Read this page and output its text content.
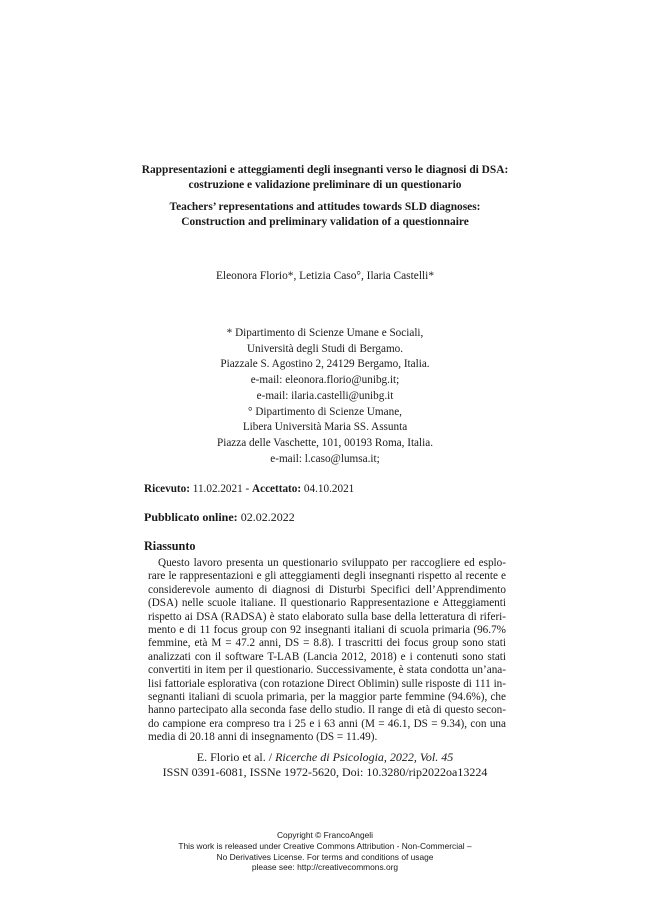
Rappresentazioni e atteggiamenti degli insegnanti verso le diagnosi di DSA:
costruzione e validazione preliminare di un questionario
Teachers’ representations and attitudes towards SLD diagnoses:
Construction and preliminary validation of a questionnaire
Eleonora Florio*, Letizia Caso°, Ilaria Castelli*
* Dipartimento di Scienze Umane e Sociali,
Università degli Studi di Bergamo.
Piazzale S. Agostino 2, 24129 Bergamo, Italia.
e-mail: eleonora.florio@unibg.it;
e-mail: ilaria.castelli@unibg.it
° Dipartimento di Scienze Umane,
Libera Università Maria SS. Assunta
Piazza delle Vaschette, 101, 00193 Roma, Italia.
e-mail: l.caso@lumsa.it;
Ricevuto: 11.02.2021 - Accettato: 04.10.2021
Pubblicato online: 02.02.2022
Riassunto
Questo lavoro presenta un questionario sviluppato per raccogliere ed esplo-
rare le rappresentazioni e gli atteggiamenti degli insegnanti rispetto al recente e
considerevole aumento di diagnosi di Disturbi Specifici dell’Apprendimento
(DSA) nelle scuole italiane. Il questionario Rappresentazione e Atteggiamenti
rispetto ai DSA (RADSA) è stato elaborato sulla base della letteratura di riferi-
mento e di 11 focus group con 92 insegnanti italiani di scuola primaria (96.7%
femmine, età M = 47.2 anni, DS = 8.8). I trascritti dei focus group sono stati
analizzati con il software T-LAB (Lancia 2012, 2018) e i contenuti sono stati
convertiti in item per il questionario. Successivamente, è stata condotta un’ana-
lisi fattoriale esplorativa (con rotazione Direct Oblimin) sulle risposte di 111 in-
segnanti italiani di scuola primaria, per la maggior parte femmine (94.6%), che
hanno partecipato alla seconda fase dello studio. Il range di età di questo secon-
do campione era compreso tra i 25 e i 63 anni (M = 46.1, DS = 9.34), con una
media di 20.18 anni di insegnamento (DS = 11.49).
E. Florio et al. / Ricerche di Psicologia, 2022, Vol. 45
ISSN 0391-6081, ISSNe 1972-5620, Doi: 10.3280/rip2022oa13224
Copyright © FrancoAngeli
This work is released under Creative Commons Attribution - Non-Commercial –
No Derivatives License. For terms and conditions of usage
please see: http://creativecommons.org
